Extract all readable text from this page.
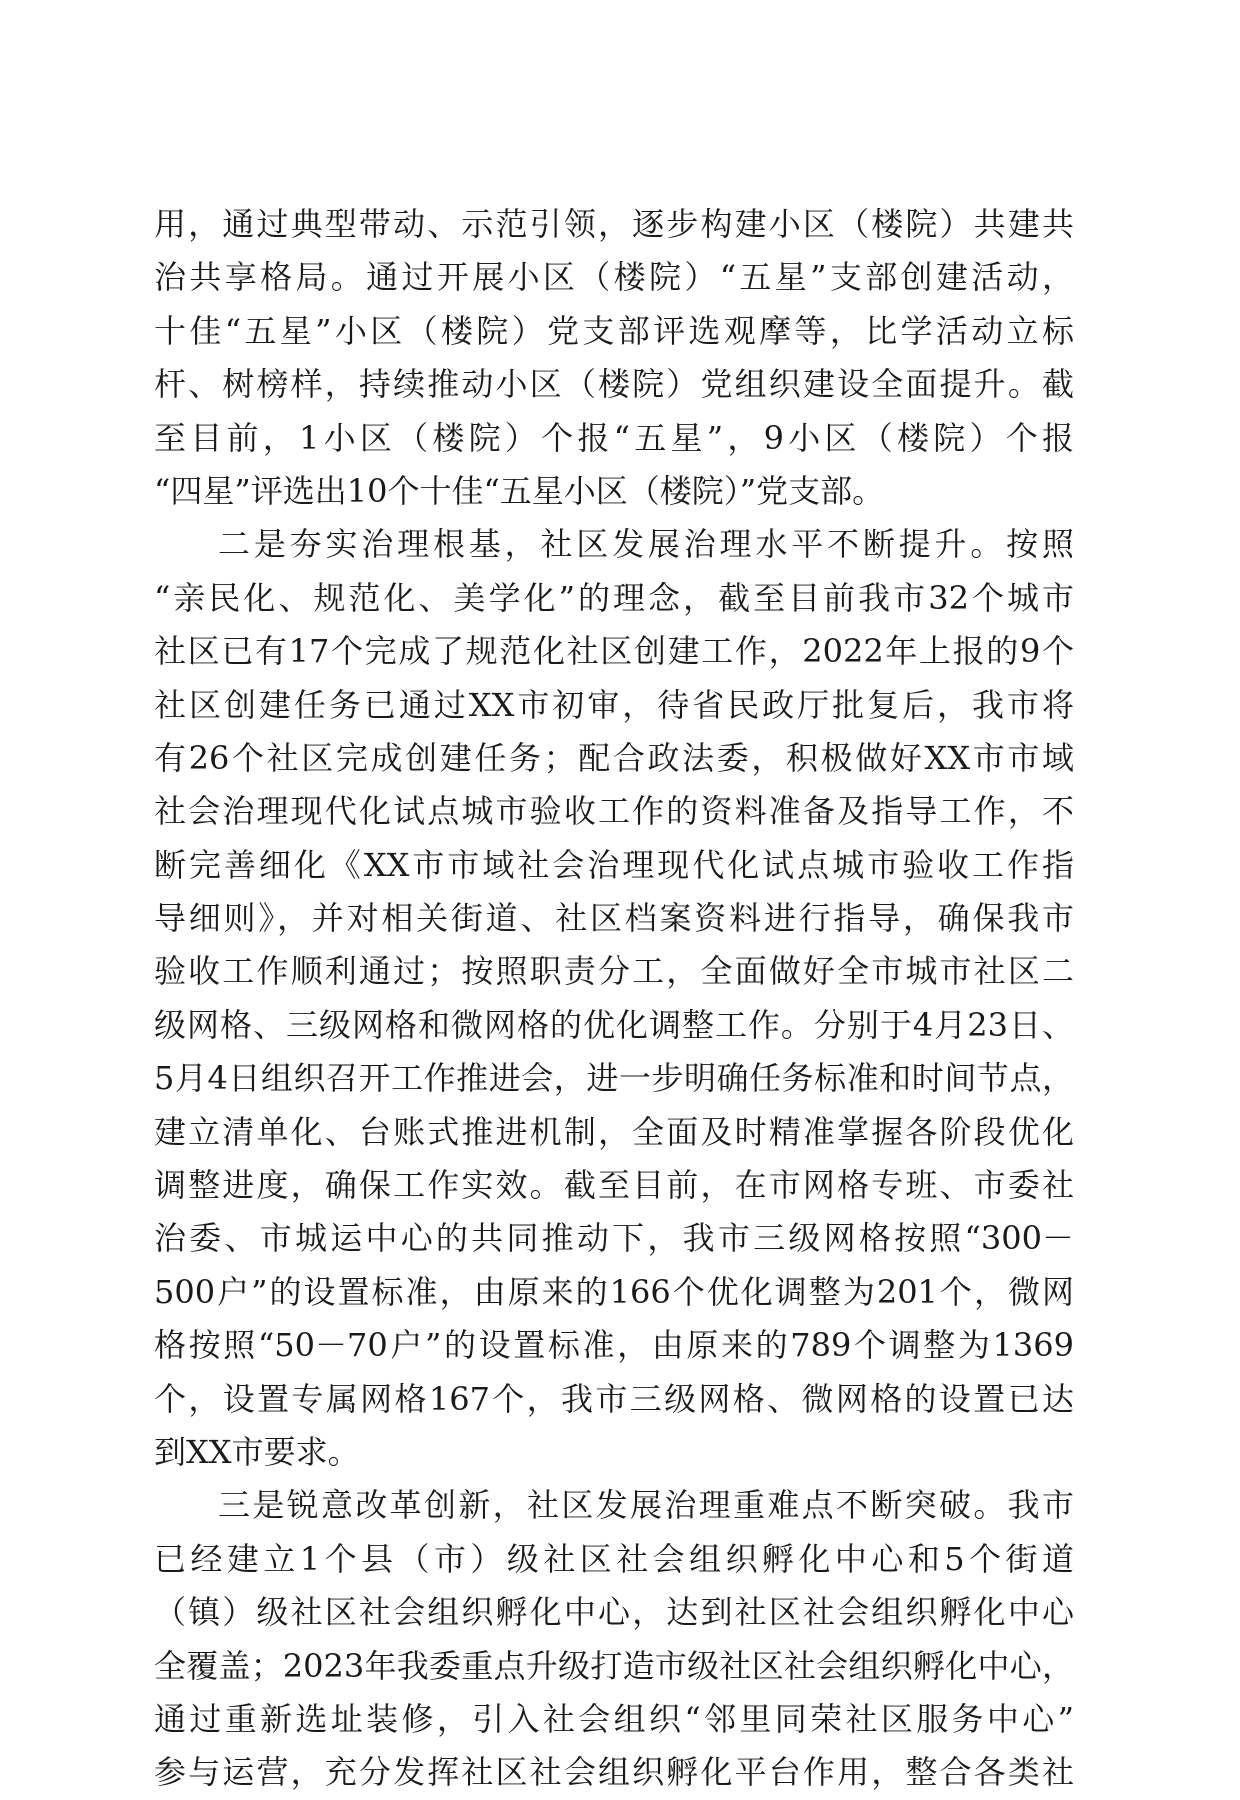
用，通过典型带动、示范引领，逐步构建小区（楼院）共建共
治共享格局。通过开展小区（楼院）“五星”支部创建活动，
十佳“五星”小区（楼院）党支部评选观摩等，比学活动立标
杆、树榜样，持续推动小区（楼院）党组织建设全面提升。截
至目前，1小区（楼院）个报“五星”，9小区（楼院）个报
“四星”评选出10个十佳“五星小区（楼院）”党支部。
二是夯实治理根基，社区发展治理水平不断提升。按照
“亲民化、规范化、美学化”的理念，截至目前我市32个城市
社区已有17个完成了规范化社区创建工作，2022年上报的9个
社区创建任务已通过XX市初审，待省民政厅批复后，我市将
有26个社区完成创建任务；配合政法委，积极做好XX市市域
社会治理现代化试点城市验收工作的资料准备及指导工作，不
断完善细化《XX市市域社会治理现代化试点城市验收工作指
导细则》，并对相关街道、社区档案资料进行指导，确保我市
验收工作顺利通过；按照职责分工，全面做好全市城市社区二
级网格、三级网格和微网格的优化调整工作。分别于4月23日、
5月4日组织召开工作推进会，进一步明确任务标准和时间节点，
建立清单化、台账式推进机制，全面及时精准掌握各阶段优化
调整进度，确保工作实效。截至目前，在市网格专班、市委社
治委、市城运中心的共同推动下，我市三级网格按照“300－
500户”的设置标准，由原来的166个优化调整为201个，微网
格按照“50－70户”的设置标准，由原来的789个调整为1369
个，设置专属网格167个，我市三级网格、微网格的设置已达
到XX市要求。
三是锐意改革创新，社区发展治理重难点不断突破。我市
已经建立1个县（市）级社区社会组织孵化中心和5个街道
（镇）级社区社会组织孵化中心，达到社区社会组织孵化中心
全覆盖；2023年我委重点升级打造市级社区社会组织孵化中心，
通过重新选址装修，引入社会组织“邻里同荣社区服务中心”
参与运营，充分发挥社区社会组织孵化平台作用，整合各类社
